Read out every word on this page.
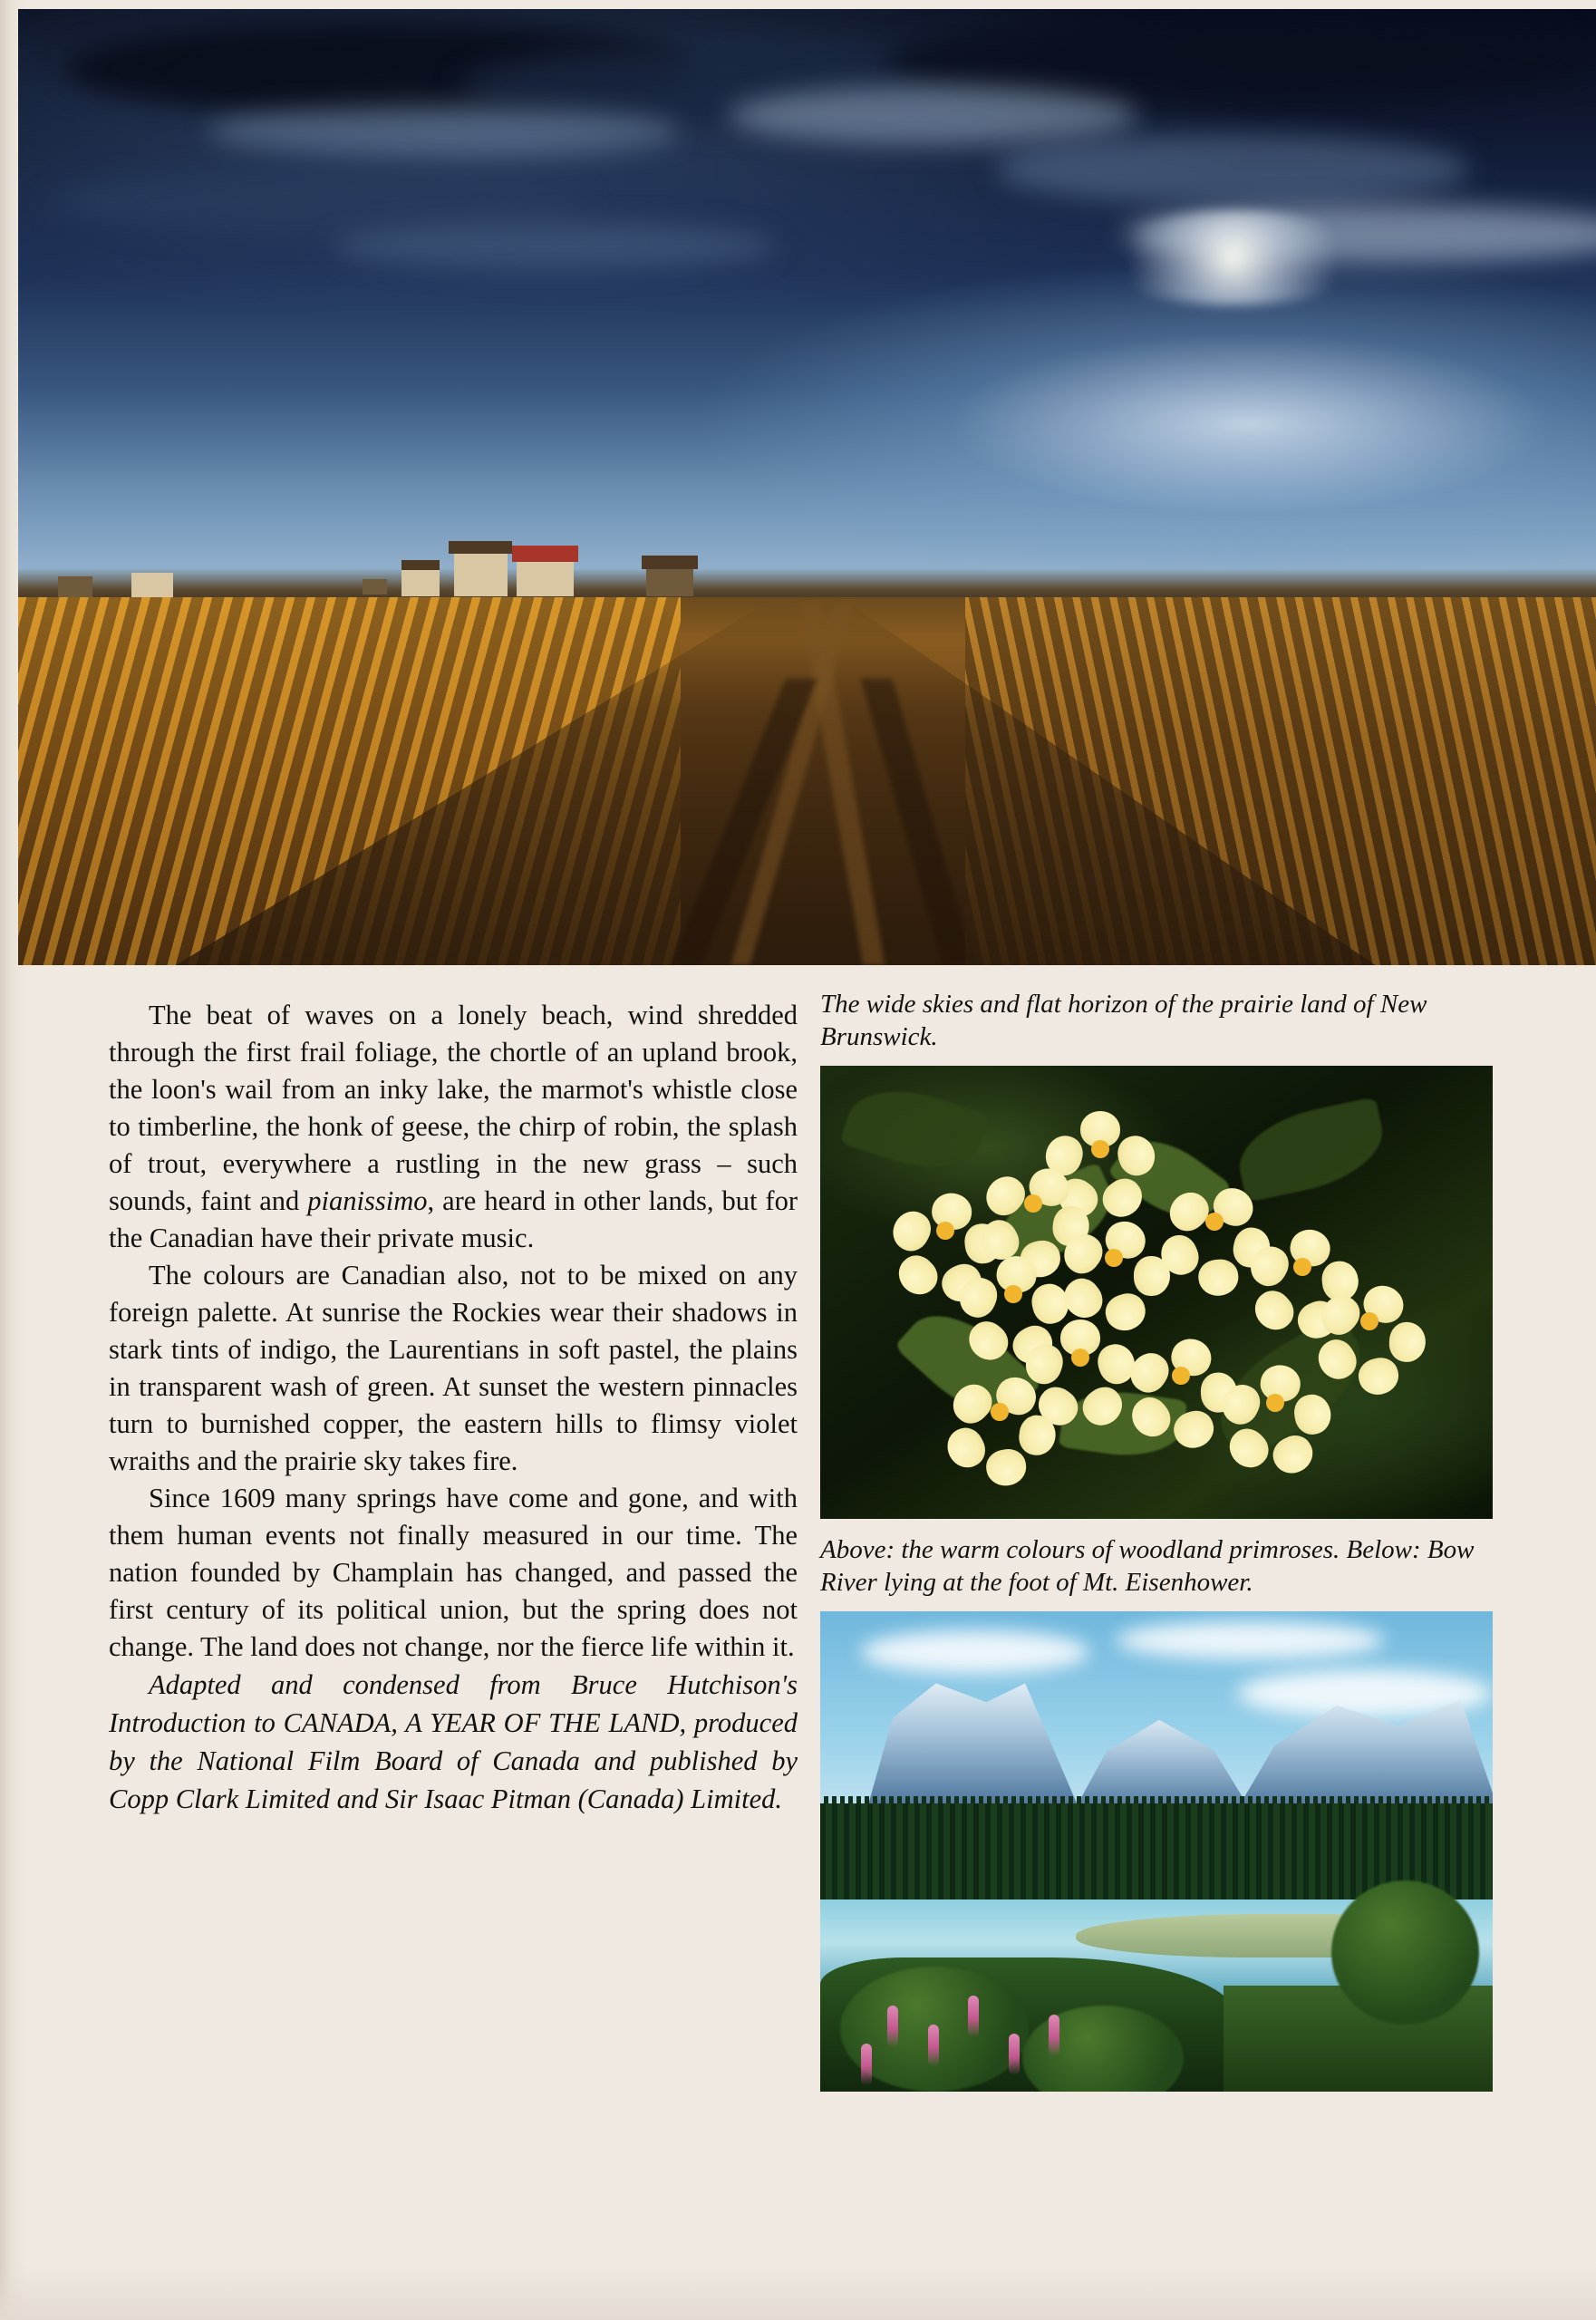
The beat of waves on a lonely beach, wind shredded through the first frail foliage, the chortle of an upland brook, the loon's wail from an inky lake, the marmot's whistle close to timberline, the honk of geese, the chirp of robin, the splash of trout, everywhere a rustling in the new grass – such sounds, faint and pianissimo, are heard in other lands, but for the Canadian have their private music.

The colours are Canadian also, not to be mixed on any foreign palette. At sunrise the Rockies wear their shadows in stark tints of indigo, the Laurentians in soft pastel, the plains in transparent wash of green. At sunset the western pinnacles turn to burnished copper, the eastern hills to flimsy violet wraiths and the prairie sky takes fire.

Since 1609 many springs have come and gone, and with them human events not finally measured in our time. The nation founded by Champlain has changed, and passed the first century of its political union, but the spring does not change. The land does not change, nor the fierce life within it.

Adapted and condensed from Bruce Hutchison's Introduction to CANADA, A YEAR OF THE LAND, produced by the National Film Board of Canada and published by Copp Clark Limited and Sir Isaac Pitman (Canada) Limited.

The wide skies and flat horizon of the prairie land of New Brunswick.
Above: the warm colours of woodland primroses. Below: Bow River lying at the foot of Mt. Eisenhower.
